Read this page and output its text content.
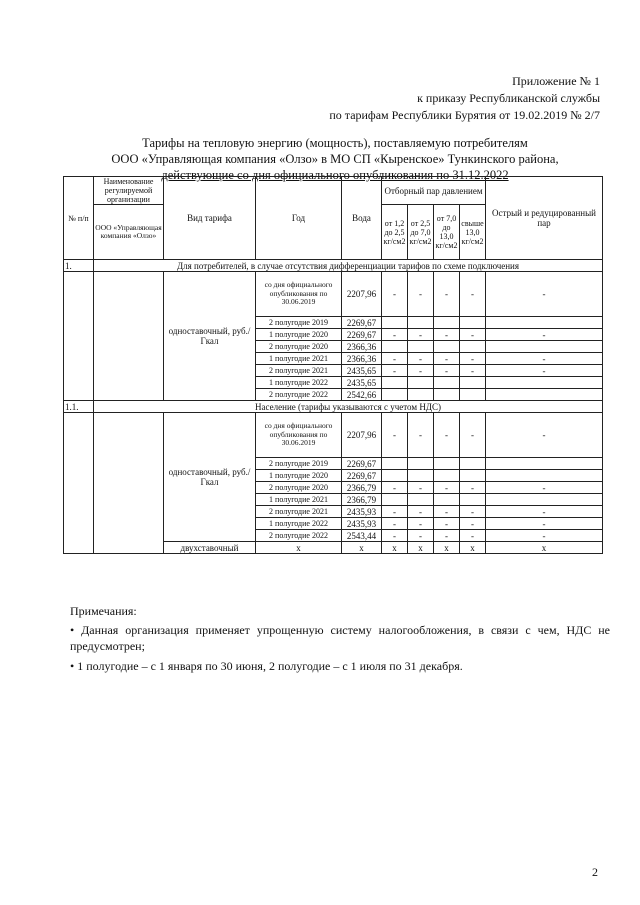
Приложение № 1
к приказу Республиканской службы
по тарифам Республики Бурятия от 19.02.2019 № 2/7
Тарифы на тепловую энергию (мощность), поставляемую потребителям
ООО «Управляющая компания «Олзо» в МО СП «Кыренское» Тункинского района,
действующие со дня официального опубликования по 31.12.2022
№ п/п	Наименование регулируемой организации	Вид тарифа	Год	Вода	Отборный пар давлением				Острый и редуцированный пар
	ООО «Управляющая компания «Олзо»				от 1,2 до 2,5 кг/см2	от 2,5 до 7,0 кг/см2	от 7,0 до 13,0 кг/см2	свыше 13,0 кг/см2	
1.	Для потребителей, в случае отсутствия дифференциации тарифов по схеме подключения								
		одноставочный, руб./Гкал	со дня официального опубликования по 30.06.2019	2207,96	-	-	-	-	-
			2 полугодие 2019	2269,67					
			1 полугодие 2020	2269,67	-	-	-	-	-
			2 полугодие 2020	2366,36					
			1 полугодие 2021	2366,36	-	-	-	-	-
			2 полугодие 2021	2435,65	-	-	-	-	-
			1 полугодие 2022	2435,65					
			2 полугодие 2022	2542,66					
1.1.	Население (тарифы указываются с учетом НДС)								
		одноставочный, руб./Гкал	со дня официального опубликования по 30.06.2019	2207,96	-	-	-	-	-
			2 полугодие 2019	2269,67					
			1 полугодие 2020	2269,67					
			2 полугодие 2020	2366,79	-	-	-	-	-
			1 полугодие 2021	2366,79					
			2 полугодие 2021	2435,93	-	-	-	-	-
			1 полугодие 2022	2435,93	-	-	-	-	-
			2 полугодие 2022	2543,44	-	-	-	-	-
		двухставочный	х	х	х	х	х	х	х
Примечания:
• Данная организация применяет упрощенную систему налогообложения, в связи с чем, НДС не предусмотрен;
• 1 полугодие – с 1 января по 30 июня, 2 полугодие – с 1 июля по 31 декабря.
2
